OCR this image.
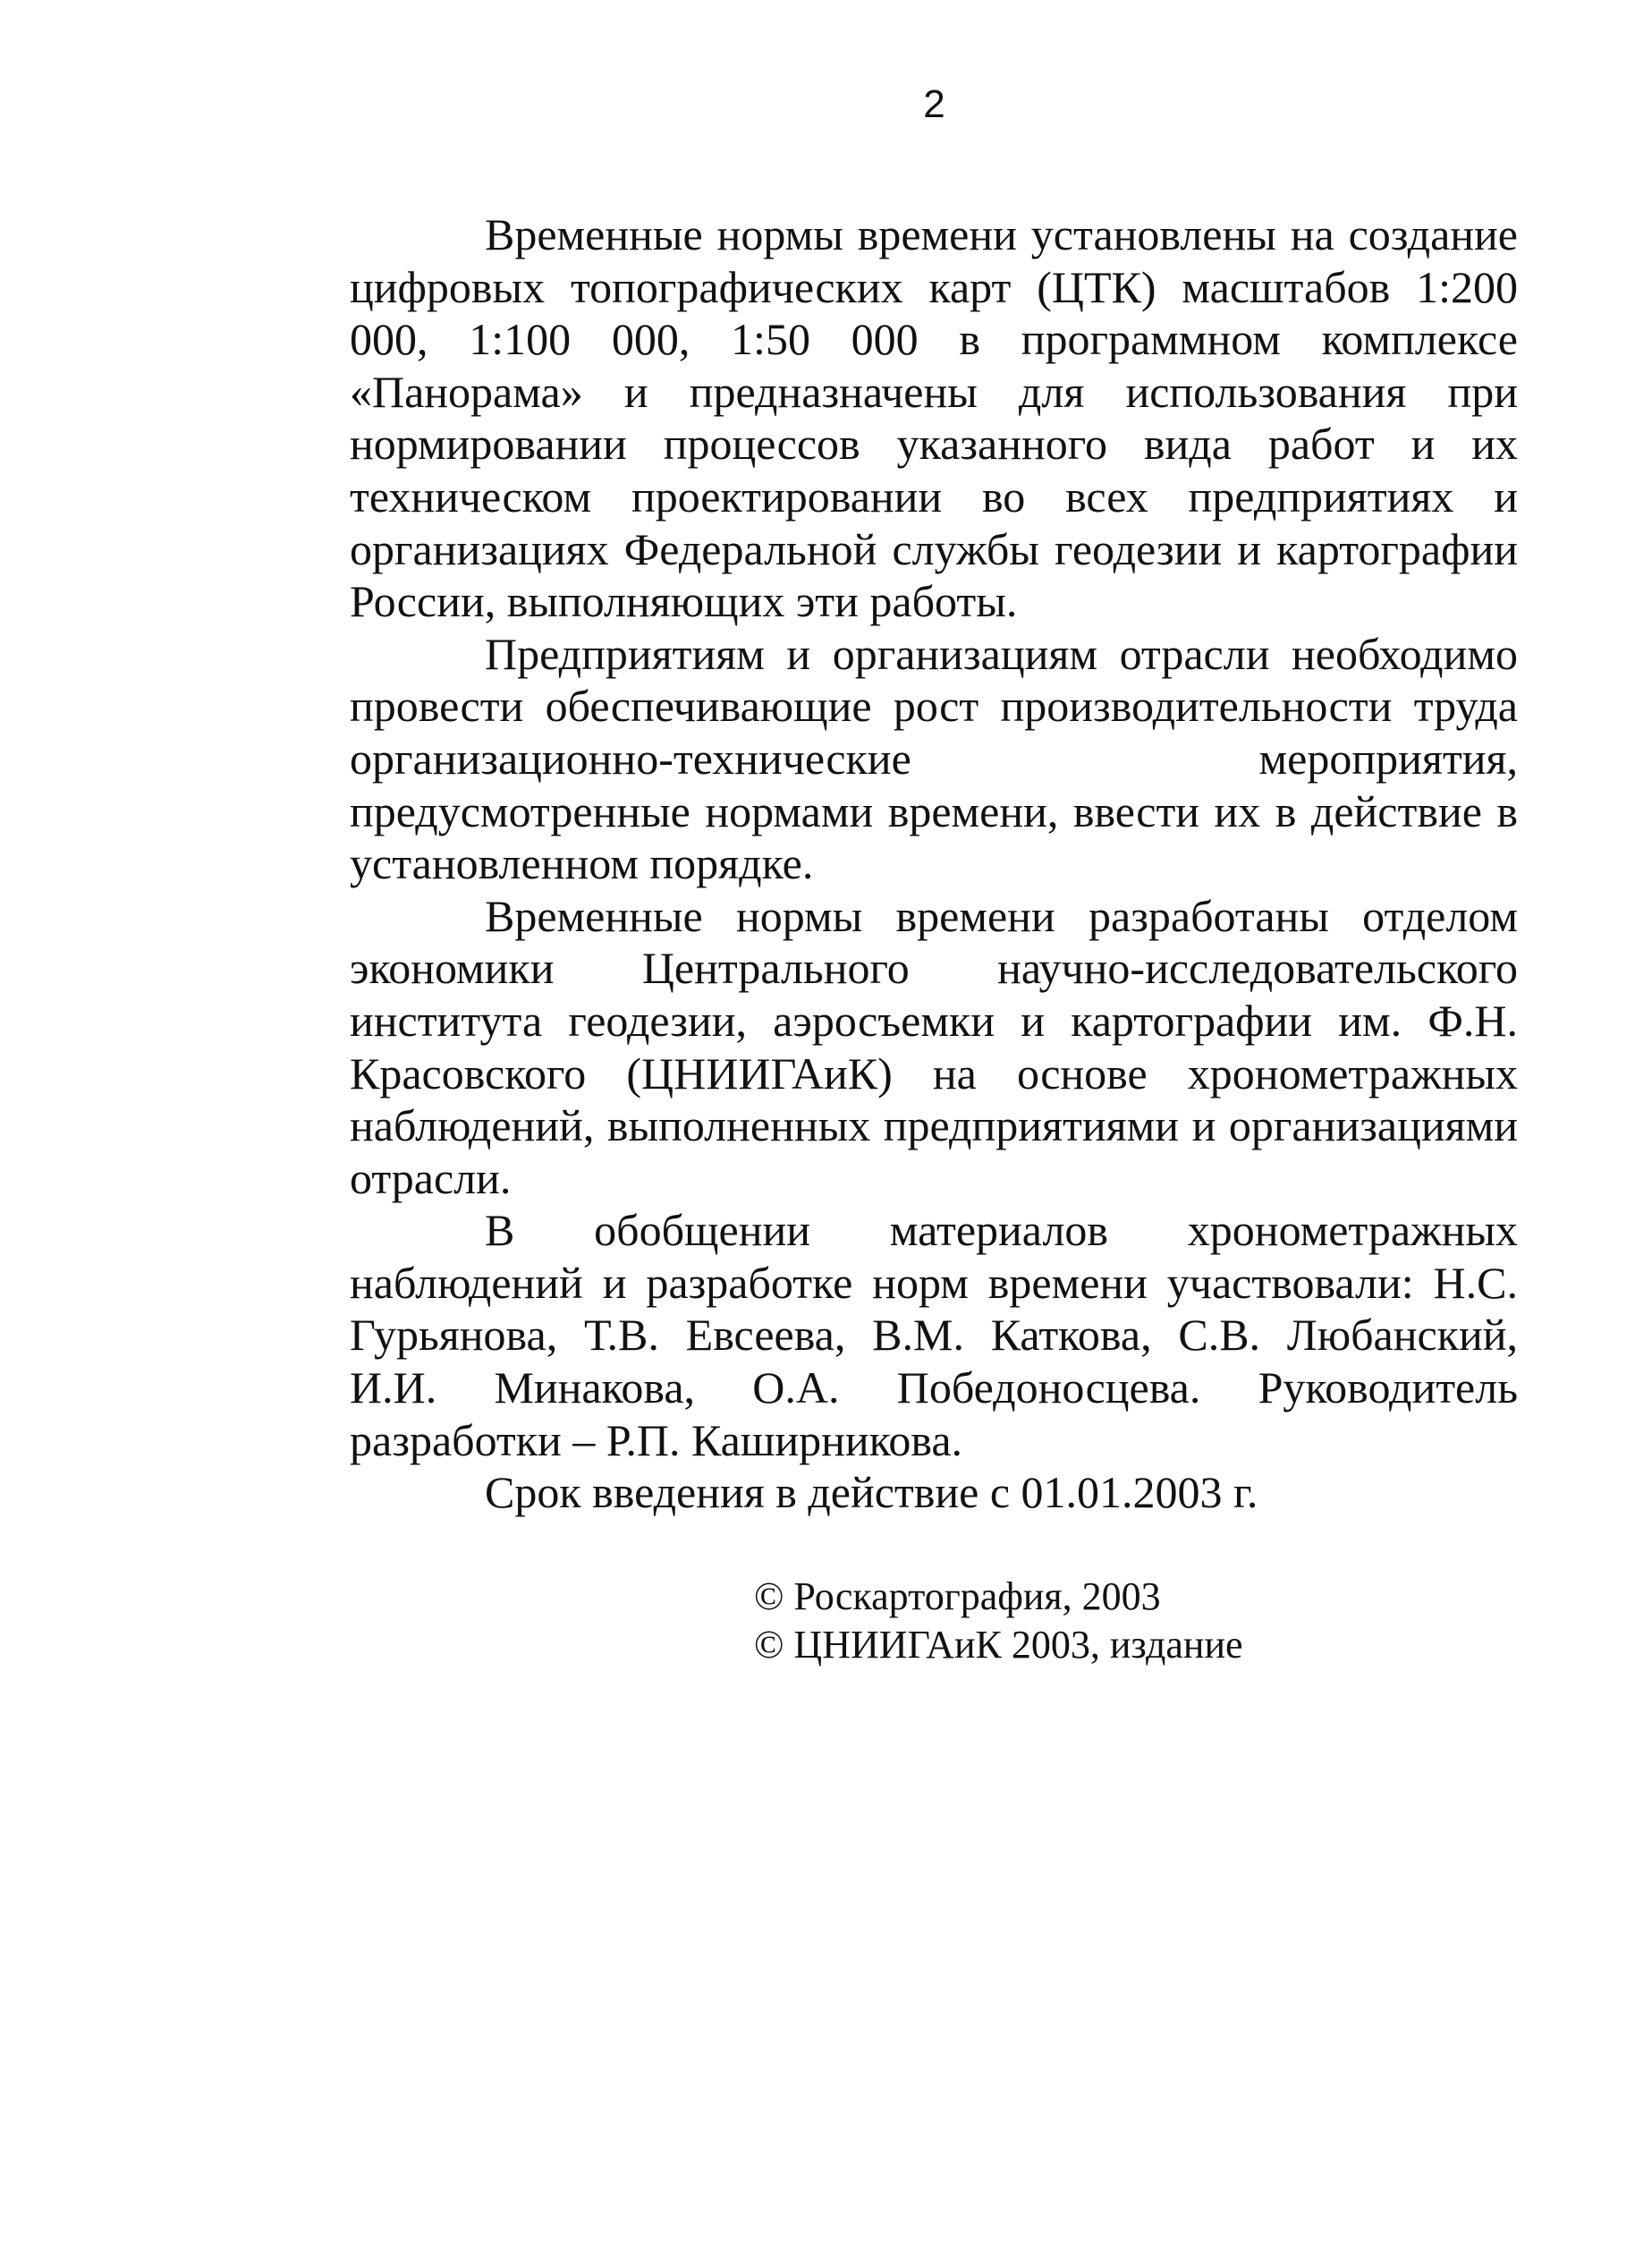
2

Временные нормы времени установлены на создание цифровых топографических карт (ЦТК) масштабов 1:200 000, 1:100 000, 1:50 000 в программном комплексе «Панорама» и предназначены для использования при нормировании процессов указанного вида работ и их техническом проектировании во всех предприятиях и организациях Федеральной службы геодезии и картографии России, выполняющих эти работы.

Предприятиям и организациям отрасли необходимо провести обеспечивающие рост производительности труда организационно-технические мероприятия, предусмотренные нормами времени, ввести их в действие в установленном порядке.

Временные нормы времени разработаны отделом экономики Центрального научно-исследовательского института геодезии, аэросъемки и картографии им. Ф.Н. Красовского (ЦНИИГАиК) на основе хронометражных наблюдений, выполненных предприятиями и организациями отрасли.

В обобщении материалов хронометражных наблюдений и разработке норм времени участвовали: Н.С. Гурьянова, Т.В. Евсеева, В.М. Каткова, С.В. Любанский, И.И. Минакова, О.А. Победоносцева. Руководитель разработки – Р.П. Каширникова.

Срок введения в действие с 01.01.2003 г.

© Роскартография, 2003
© ЦНИИГАиК 2003, издание
